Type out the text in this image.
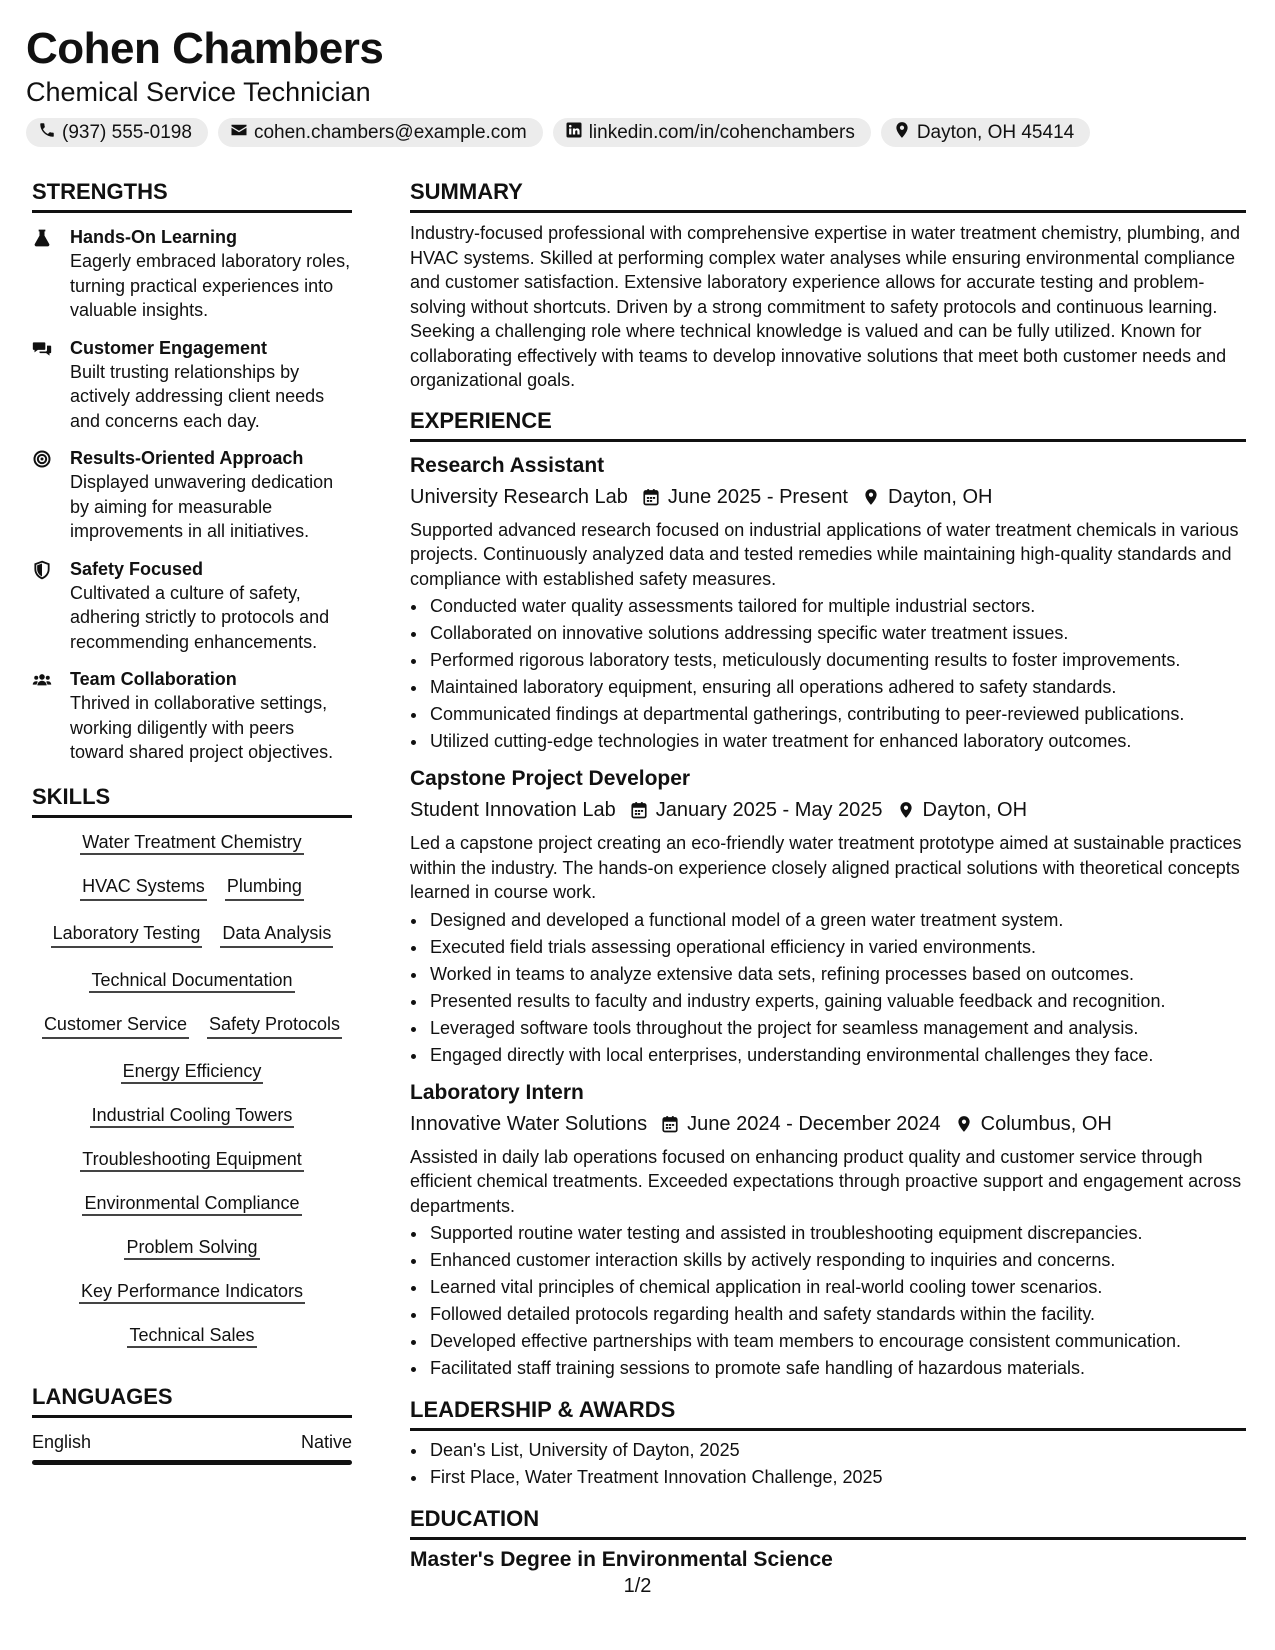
Cohen Chambers
Chemical Service Technician
(937) 555-0198	cohen.chambers@example.com	linkedin.com/in/cohenchambers	Dayton, OH 45414
STRENGTHS
Hands-On Learning
Eagerly embraced laboratory roles, turning practical experiences into valuable insights.
Customer Engagement
Built trusting relationships by actively addressing client needs and concerns each day.
Results-Oriented Approach
Displayed unwavering dedication by aiming for measurable improvements in all initiatives.
Safety Focused
Cultivated a culture of safety, adhering strictly to protocols and recommending enhancements.
Team Collaboration
Thrived in collaborative settings, working diligently with peers toward shared project objectives.
SKILLS
Water Treatment Chemistry
HVAC Systems Plumbing
Laboratory Testing Data Analysis
Technical Documentation
Customer Service Safety Protocols
Energy Efficiency
Industrial Cooling Towers
Troubleshooting Equipment
Environmental Compliance
Problem Solving
Key Performance Indicators
Technical Sales
LANGUAGES
English	Native
SUMMARY
Industry-focused professional with comprehensive expertise in water treatment chemistry, plumbing, and HVAC systems. Skilled at performing complex water analyses while ensuring environmental compliance and customer satisfaction. Extensive laboratory experience allows for accurate testing and problem-solving without shortcuts. Driven by a strong commitment to safety protocols and continuous learning. Seeking a challenging role where technical knowledge is valued and can be fully utilized. Known for collaborating effectively with teams to develop innovative solutions that meet both customer needs and organizational goals.
EXPERIENCE
Research Assistant
University Research Lab June 2025 - Present Dayton, OH
Supported advanced research focused on industrial applications of water treatment chemicals in various projects. Continuously analyzed data and tested remedies while maintaining high-quality standards and compliance with established safety measures.
• Conducted water quality assessments tailored for multiple industrial sectors.
• Collaborated on innovative solutions addressing specific water treatment issues.
• Performed rigorous laboratory tests, meticulously documenting results to foster improvements.
• Maintained laboratory equipment, ensuring all operations adhered to safety standards.
• Communicated findings at departmental gatherings, contributing to peer-reviewed publications.
• Utilized cutting-edge technologies in water treatment for enhanced laboratory outcomes.
Capstone Project Developer
Student Innovation Lab January 2025 - May 2025 Dayton, OH
Led a capstone project creating an eco-friendly water treatment prototype aimed at sustainable practices within the industry. The hands-on experience closely aligned practical solutions with theoretical concepts learned in course work.
• Designed and developed a functional model of a green water treatment system.
• Executed field trials assessing operational efficiency in varied environments.
• Worked in teams to analyze extensive data sets, refining processes based on outcomes.
• Presented results to faculty and industry experts, gaining valuable feedback and recognition.
• Leveraged software tools throughout the project for seamless management and analysis.
• Engaged directly with local enterprises, understanding environmental challenges they face.
Laboratory Intern
Innovative Water Solutions June 2024 - December 2024 Columbus, OH
Assisted in daily lab operations focused on enhancing product quality and customer service through efficient chemical treatments. Exceeded expectations through proactive support and engagement across departments.
• Supported routine water testing and assisted in troubleshooting equipment discrepancies.
• Enhanced customer interaction skills by actively responding to inquiries and concerns.
• Learned vital principles of chemical application in real-world cooling tower scenarios.
• Followed detailed protocols regarding health and safety standards within the facility.
• Developed effective partnerships with team members to encourage consistent communication.
• Facilitated staff training sessions to promote safe handling of hazardous materials.
LEADERSHIP & AWARDS
• Dean's List, University of Dayton, 2025
• First Place, Water Treatment Innovation Challenge, 2025
EDUCATION
Master's Degree in Environmental Science
1/2
